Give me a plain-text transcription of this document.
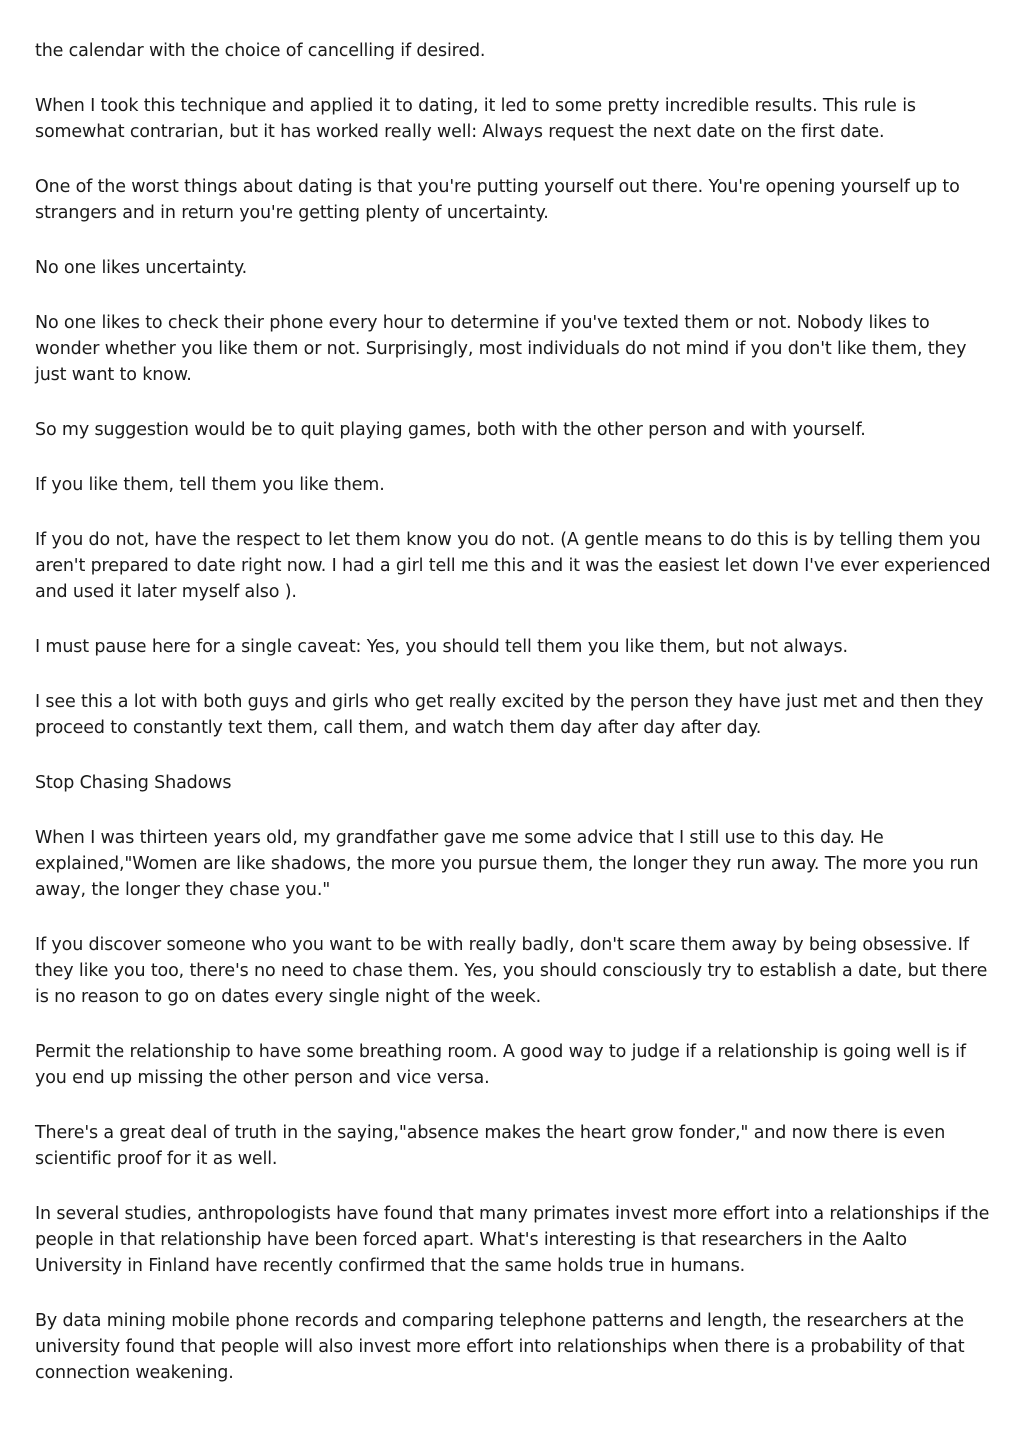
the calendar with the choice of cancelling if desired.

When I took this technique and applied it to dating, it led to some pretty incredible results. This rule is somewhat contrarian, but it has worked really well: Always request the next date on the first date.

One of the worst things about dating is that you're putting yourself out there. You're opening yourself up to strangers and in return you're getting plenty of uncertainty.

No one likes uncertainty.

No one likes to check their phone every hour to determine if you've texted them or not. Nobody likes to wonder whether you like them or not. Surprisingly, most individuals do not mind if you don't like them, they just want to know.

So my suggestion would be to quit playing games, both with the other person and with yourself.

If you like them, tell them you like them.

If you do not, have the respect to let them know you do not. (A gentle means to do this is by telling them you aren't prepared to date right now. I had a girl tell me this and it was the easiest let down I've ever experienced and used it later myself also ).

I must pause here for a single caveat: Yes, you should tell them you like them, but not always.

I see this a lot with both guys and girls who get really excited by the person they have just met and then they proceed to constantly text them, call them, and watch them day after day after day.

Stop Chasing Shadows

When I was thirteen years old, my grandfather gave me some advice that I still use to this day. He explained,"Women are like shadows, the more you pursue them, the longer they run away. The more you run away, the longer they chase you."

If you discover someone who you want to be with really badly, don't scare them away by being obsessive. If they like you too, there's no need to chase them. Yes, you should consciously try to establish a date, but there is no reason to go on dates every single night of the week.

Permit the relationship to have some breathing room. A good way to judge if a relationship is going well is if you end up missing the other person and vice versa.

There's a great deal of truth in the saying,"absence makes the heart grow fonder," and now there is even scientific proof for it as well.

In several studies, anthropologists have found that many primates invest more effort into a relationships if the people in that relationship have been forced apart. What's interesting is that researchers in the Aalto University in Finland have recently confirmed that the same holds true in humans.

By data mining mobile phone records and comparing telephone patterns and length, the researchers at the university found that people will also invest more effort into relationships when there is a probability of that connection weakening.
